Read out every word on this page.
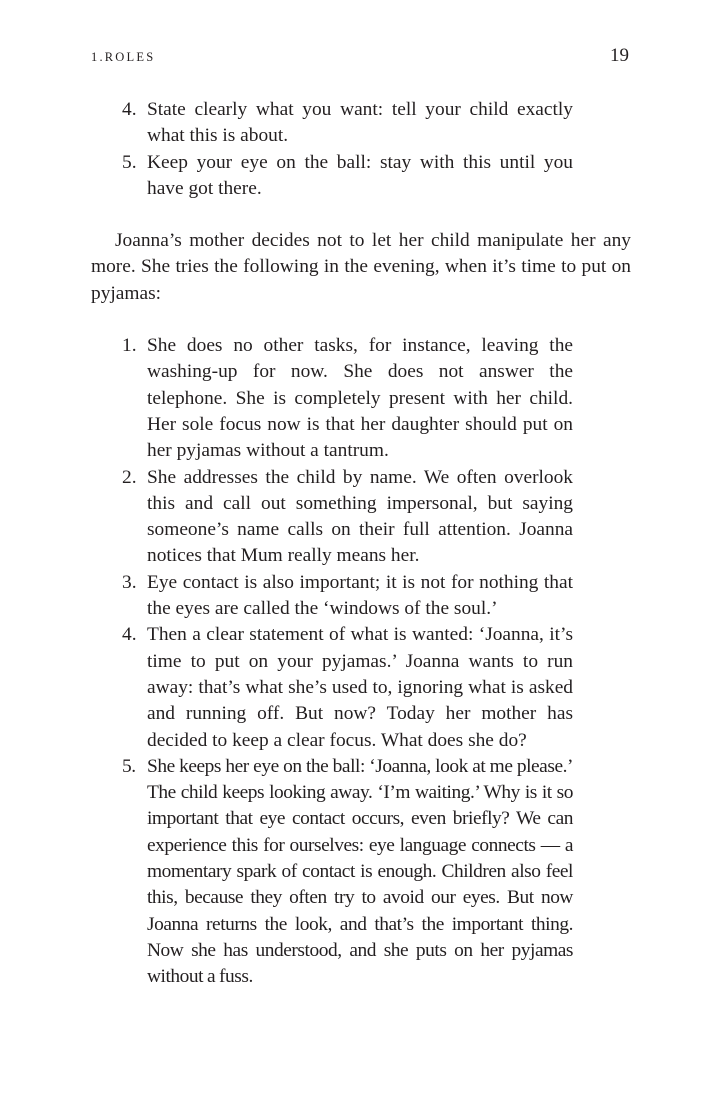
1.ROLES	19
4. State clearly what you want: tell your child exactly what this is about.
5. Keep your eye on the ball: stay with this until you have got there.

Joanna’s mother decides not to let her child manipulate her any more. She tries the following in the evening, when it’s time to put on pyjamas:

1. She does no other tasks, for instance, leaving the washing-up for now. She does not answer the telephone. She is completely present with her child. Her sole focus now is that her daughter should put on her pyjamas without a tantrum.
2. She addresses the child by name. We often overlook this and call out something impersonal, but saying someone’s name calls on their full attention. Joanna notices that Mum really means her.
3. Eye contact is also important; it is not for nothing that the eyes are called the ‘windows of the soul.’
4. Then a clear statement of what is wanted: ‘Joanna, it’s time to put on your pyjamas.’ Joanna wants to run away: that’s what she’s used to, ignoring what is asked and running off. But now? Today her mother has decided to keep a clear focus. What does she do?
5. She keeps her eye on the ball: ‘Joanna, look at me please.’ The child keeps looking away. ‘I’m waiting.’ Why is it so important that eye contact occurs, even briefly? We can experience this for ourselves: eye language connects — a momentary spark of contact is enough. Children also feel this, because they often try to avoid our eyes. But now Joanna returns the look, and that’s the important thing. Now she has understood, and she puts on her pyjamas without a fuss.
